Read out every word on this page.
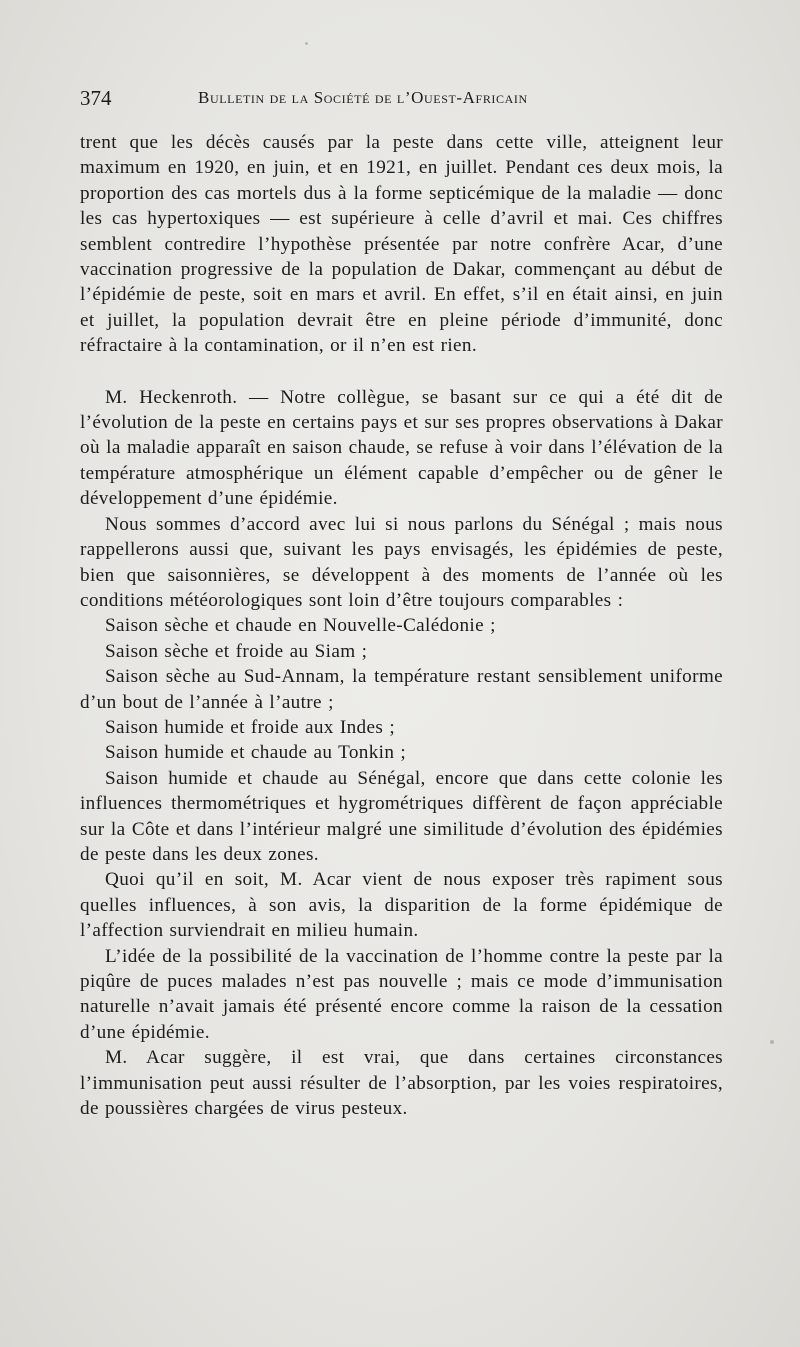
374	Bulletin de la Société de l’Ouest-Africain

trent que les décès causés par la peste dans cette ville, atteignent leur maximum en 1920, en juin, et en 1921, en juillet. Pendant ces deux mois, la proportion des cas mortels dus à la forme septicémique de la maladie — donc les cas hypertoxiques — est supérieure à celle d’avril et mai. Ces chiffres semblent contredire l’hypothèse présentée par notre confrère Acar, d’une vaccination progressive de la population de Dakar, commençant au début de l’épidémie de peste, soit en mars et avril. En effet, s’il en était ainsi, en juin et juillet, la population devrait être en pleine période d’immunité, donc réfractaire à la contamination, or il n’en est rien.

M. Heckenroth. — Notre collègue, se basant sur ce qui a été dit de l’évolution de la peste en certains pays et sur ses propres observations à Dakar où la maladie apparaît en saison chaude, se refuse à voir dans l’élévation de la température atmosphérique un élément capable d’empêcher ou de gêner le développement d’une épidémie.

Nous sommes d’accord avec lui si nous parlons du Sénégal ; mais nous rappellerons aussi que, suivant les pays envisagés, les épidémies de peste, bien que saisonnières, se développent à des moments de l’année où les conditions météorologiques sont loin d’être toujours comparables :

Saison sèche et chaude en Nouvelle-Calédonie ;

Saison sèche et froide au Siam ;

Saison sèche au Sud-Annam, la température restant sensiblement uniforme d’un bout de l’année à l’autre ;

Saison humide et froide aux Indes ;

Saison humide et chaude au Tonkin ;

Saison humide et chaude au Sénégal, encore que dans cette colonie les influences thermométriques et hygrométriques diffèrent de façon appréciable sur la Côte et dans l’intérieur malgré une similitude d’évolution des épidémies de peste dans les deux zones.

Quoi qu’il en soit, M. Acar vient de nous exposer très rapiment sous quelles influences, à son avis, la disparition de la forme épidémique de l’affection surviendrait en milieu humain.

L’idée de la possibilité de la vaccination de l’homme contre la peste par la piqûre de puces malades n’est pas nouvelle ; mais ce mode d’immunisation naturelle n’avait jamais été présenté encore comme la raison de la cessation d’une épidémie.

M. Acar suggère, il est vrai, que dans certaines circonstances l’immunisation peut aussi résulter de l’absorption, par les voies respiratoires, de poussières chargées de virus pesteux.
